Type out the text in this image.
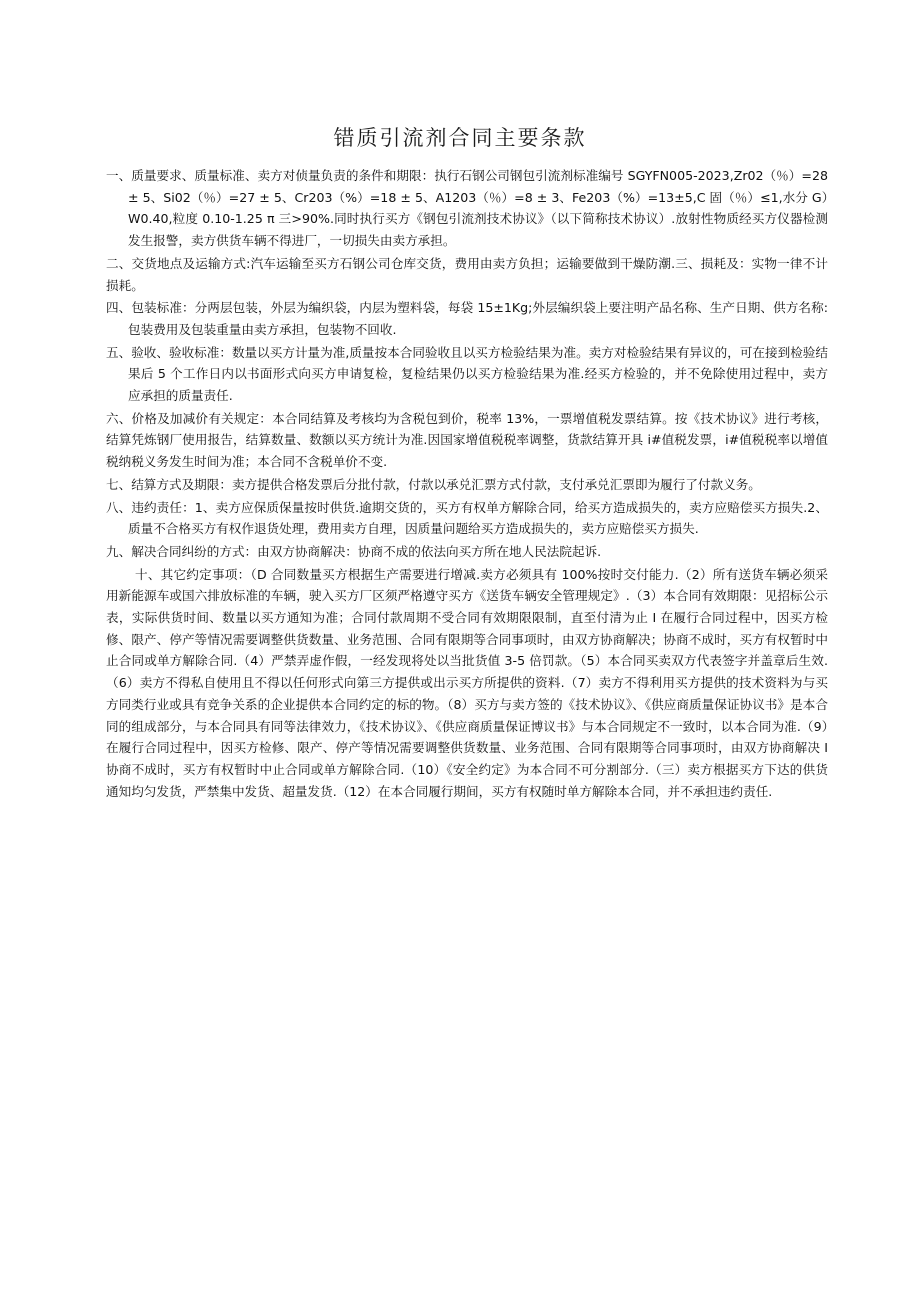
错质引流剂合同主要条款

一、质量要求、质量标准、卖方对侦量负责的条件和期限：执行石钢公司钢包引流剂标准编号 SGYFN005-2023,Zr02（％）=28 ± 5、Si02（％）=27 ± 5、Cr203（%）=18 ± 5、A1203（％）=8 ± 3、Fe203（%）=13±5,C 固（％）≤1,水分 G）W0.40,粒度 0.10-1.25 π 三>90%.同时执行买方《钢包引流剂技术协议》（以下简称技术协议）.放射性物质经买方仪器检测发生报警，卖方供货车辆不得进厂，一切损失由卖方承担。

二、交货地点及运输方式:汽车运输至买方石钢公司仓库交货，费用由卖方负担；运输要做到干燥防潮.三、损耗及：实物一律不计损耗。

四、包装标准：分两层包装，外层为编织袋，内层为塑料袋，每袋 15±1Kg;外层编织袋上要注明产品名称、生产日期、供方名称:包装费用及包装重量由卖方承担，包装物不回收.

五、验收、验收标准：数量以买方计量为准,质量按本合同验收且以买方检验结果为准。卖方对检验结果有异议的，可在接到检验结果后 5 个工作日内以书面形式向买方申请复检，复检结果仍以买方检验结果为准.经买方检验的，并不免除使用过程中，卖方应承担的质量责任.

六、价格及加减价有关规定：本合同结算及考核均为含税包到价，税率 13%，一票增值税发票结算。按《技术协议》进行考核，结算凭炼钢厂使用报告，结算数量、数额以买方统计为准.因国家增值税税率调整，货款结算开具 i#值税发票，i#值税税率以增值税纳税义务发生时间为准；本合同不含税单价不变.

七、结算方式及期限：卖方提供合格发票后分批付款，付款以承兑汇票方式付款，支付承兑汇票即为履行了付款义务。

八、违约责任：1、卖方应保质保量按时供货.逾期交货的，买方有权单方解除合同，给买方造成损失的，卖方应赔偿买方损失.2、质量不合格买方有权作退货处理，费用卖方自理，因质量问题给买方造成损失的，卖方应赔偿买方损失.

九、解决合同纠纷的方式：由双方协商解决：协商不成的依法向买方所在地人民法院起诉.

十、其它约定事项：（D 合同数量买方根据生产需要进行增减.卖方必须具有 100%按时交付能力.（2）所有送货车辆必须采用新能源车或国六排放标准的车辆，驶入买方厂区须严格遵守买方《送货车辆安全管理规定》.（3）本合同有效期限：见招标公示表，实际供货时间、数量以买方通知为准；合同付款周期不受合同有效期限限制，直至付清为止 I 在履行合同过程中，因买方检修、限产、停产等情况需要调整供货数量、业务范围、合同有限期等合同事项时，由双方协商解决；协商不成时，买方有权暂时中止合同或单方解除合同.（4）严禁弄虚作假，一经发现将处以当批货值 3-5 倍罚款。（5）本合同买卖双方代表签字并盖章后生效.（6）卖方不得私自使用且不得以任何形式向第三方提供或出示买方所提供的资料.（7）卖方不得利用买方提供的技术资料为与买方同类行业或具有竞争关系的企业提供本合同约定的标的物。（8）买方与卖方签的《技术协议》、《供应商质量保证协议书》是本合同的组成部分，与本合同具有同等法律效力，《技术协议》、《供应商质量保证博议书》与本合同规定不一致时，以本合同为准.（9）在履行合同过程中，因买方检修、限产、停产等情况需要调整供货数量、业务范围、合同有限期等合同事项时，由双方协商解决 I 协商不成时，买方有权暂时中止合同或单方解除合同.（10）《安全约定》为本合同不可分割部分.（三）卖方根据买方下达的供货通知均匀发货，严禁集中发货、超量发货.（12）在本合同履行期间，买方有权随时单方解除本合同，并不承担违约责任.
